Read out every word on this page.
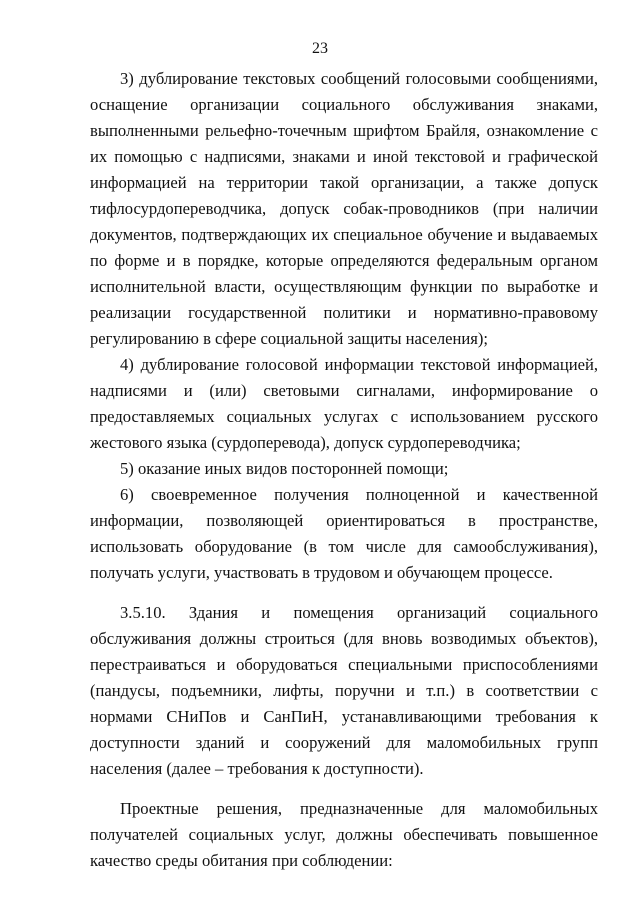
23

3) дублирование текстовых сообщений голосовыми сообщениями, оснащение организации социального обслуживания знаками, выполненными рельефно-точечным шрифтом Брайля, ознакомление с их помощью с надписями, знаками и иной текстовой и графической информацией на территории такой организации, а также допуск тифлосурдопереводчика, допуск собак-проводников (при наличии документов, подтверждающих их специальное обучение и выдаваемых по форме и в порядке, которые определяются федеральным органом исполнительной власти, осуществляющим функции по выработке и реализации государственной политики и нормативно-правовому регулированию в сфере социальной защиты населения);

4) дублирование голосовой информации текстовой информацией, надписями и (или) световыми сигналами, информирование о предоставляемых социальных услугах с использованием русского жестового языка (сурдоперевода), допуск сурдопереводчика;

5) оказание иных видов посторонней помощи;

6) своевременное получения полноценной и качественной информации, позволяющей ориентироваться в пространстве, использовать оборудование (в том числе для самообслуживания), получать услуги, участвовать в трудовом и обучающем процессе.

3.5.10. Здания и помещения организаций социального обслуживания должны строиться (для вновь возводимых объектов), перестраиваться и оборудоваться специальными приспособлениями (пандусы, подъемники, лифты, поручни и т.п.) в соответствии с нормами СНиПов и СанПиН, устанавливающими требования к доступности зданий и сооружений для маломобильных групп населения (далее – требования к доступности).

Проектные решения, предназначенные для маломобильных получателей социальных услуг, должны обеспечивать повышенное качество среды обитания при соблюдении:
